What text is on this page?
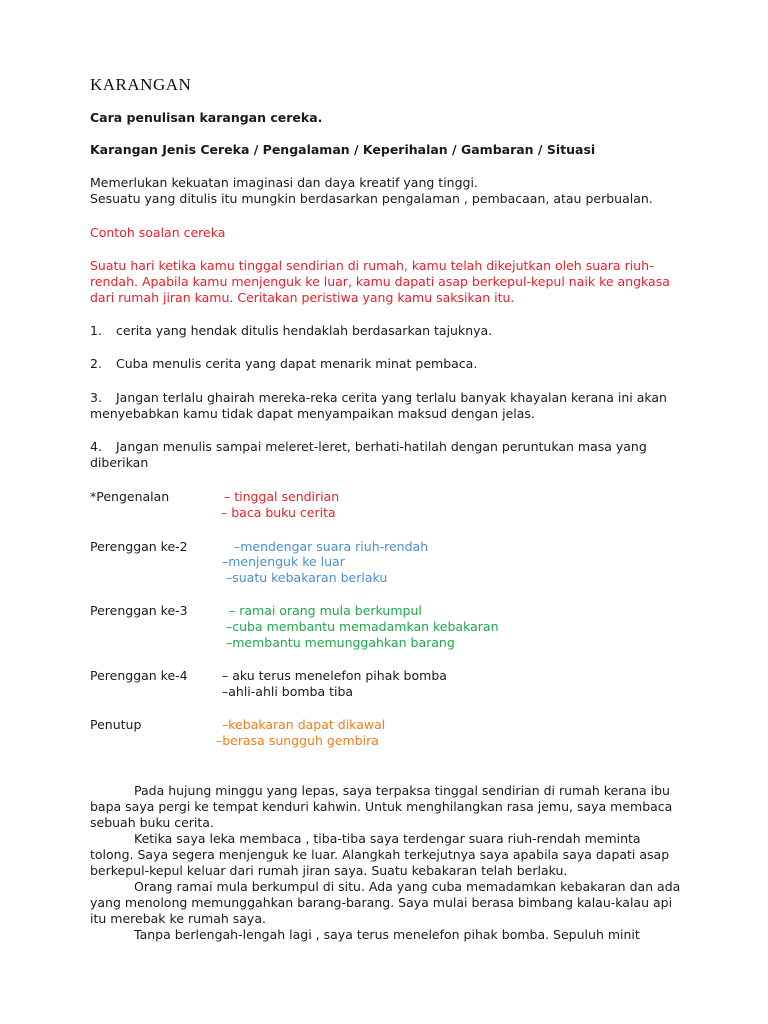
KARANGAN
Cara penulisan karangan cereka.
Karangan Jenis Cereka / Pengalaman / Keperihalan / Gambaran / Situasi
Memerlukan kekuatan imaginasi dan daya kreatif yang tinggi.
Sesuatu yang ditulis itu mungkin berdasarkan pengalaman , pembacaan, atau perbualan.
Contoh soalan cereka
Suatu hari ketika kamu tinggal sendirian di rumah, kamu telah dikejutkan oleh suara riuh-
rendah. Apabila kamu menjenguk ke luar, kamu dapati asap berkepul-kepul naik ke angkasa
dari rumah jiran kamu. Ceritakan peristiwa yang kamu saksikan itu.
1. cerita yang hendak ditulis hendaklah berdasarkan tajuknya.
2. Cuba menulis cerita yang dapat menarik minat pembaca.
3. Jangan terlalu ghairah mereka-reka cerita yang terlalu banyak khayalan kerana ini akan
menyebabkan kamu tidak dapat menyampaikan maksud dengan jelas.
4. Jangan menulis sampai meleret-leret, berhati-hatilah dengan peruntukan masa yang
diberikan
*Pengenalan	– tinggal sendirian
– baca buku cerita
Perenggan ke-2	–mendengar suara riuh-rendah
–menjenguk ke luar
–suatu kebakaran berlaku
Perenggan ke-3	– ramai orang mula berkumpul
–cuba membantu memadamkan kebakaran
–membantu memunggahkan barang
Perenggan ke-4	– aku terus menelefon pihak bomba
–ahli-ahli bomba tiba
Penutup	–kebakaran dapat dikawal
–berasa sungguh gembira
Pada hujung minggu yang lepas, saya terpaksa tinggal sendirian di rumah kerana ibu
bapa saya pergi ke tempat kenduri kahwin. Untuk menghilangkan rasa jemu, saya membaca
sebuah buku cerita.
Ketika saya leka membaca , tiba-tiba saya terdengar suara riuh-rendah meminta
tolong. Saya segera menjenguk ke luar. Alangkah terkejutnya saya apabila saya dapati asap
berkepul-kepul keluar dari rumah jiran saya. Suatu kebakaran telah berlaku.
Orang ramai mula berkumpul di situ. Ada yang cuba memadamkan kebakaran dan ada
yang menolong memunggahkan barang-barang. Saya mulai berasa bimbang kalau-kalau api
itu merebak ke rumah saya.
Tanpa berlengah-lengah lagi , saya terus menelefon pihak bomba. Sepuluh minit
